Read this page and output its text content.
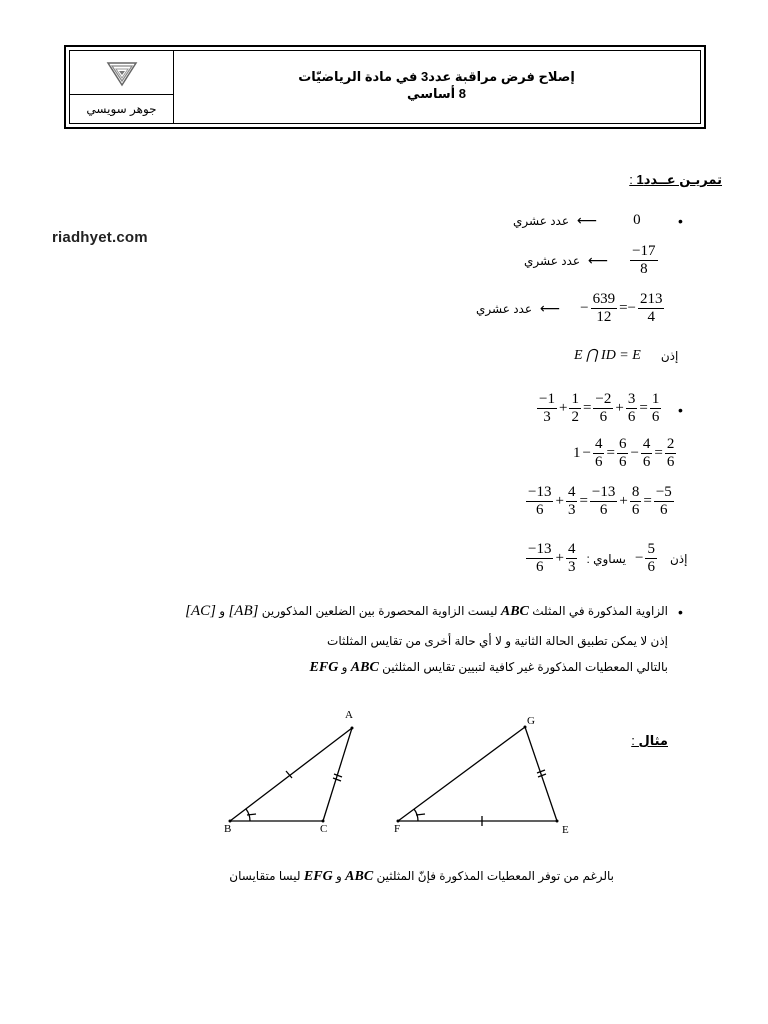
جوهر سويسي
إصلاح فرض مراقبة عدد3 في مادة الرياضيّات
8 أساسي
تمريـن عــدد1 :
riadhyet.com
•
عدد عشري ⟵ 0
عدد عشري ⟵ $\frac{-17}{8}$
عدد عشري ⟵ − $\frac{639}{12} =- \frac{213}{4}$
E ⋂ ID = E إذن
•
$\frac{-1}{3} + \frac{1}{2} = \frac{-2}{6} + \frac{3}{6} = \frac{1}{6}$
$1 - \frac{4}{6} = \frac{6}{6} - \frac{4}{6} = \frac{2}{6}$
$\frac{-13}{6} + \frac{4}{3} = \frac{-13}{6} + \frac{8}{6} = \frac{-5}{6}$
$\frac{-13}{6} + \frac{4}{3}$ يساوي : − $\frac{5}{6}$ إذن
•
الزاوية المذكورة في المثلث ABC ليست الزاوية المحصورة بين الضلعين المذكورين [AB] و [AC]
إذن لا يمكن تطبيق الحالة الثانية و لا أي حالة أخرى من تقايس المثلثات
بالتالي المعطيات المذكورة غير كافية لتبيين تقايس المثلثين ABC و EFG
مثال :
A
B	C
G
F	E
بالرغم من توفر المعطيات المذكورة فإنّ المثلثين ABC و EFG ليسا متقايسان
